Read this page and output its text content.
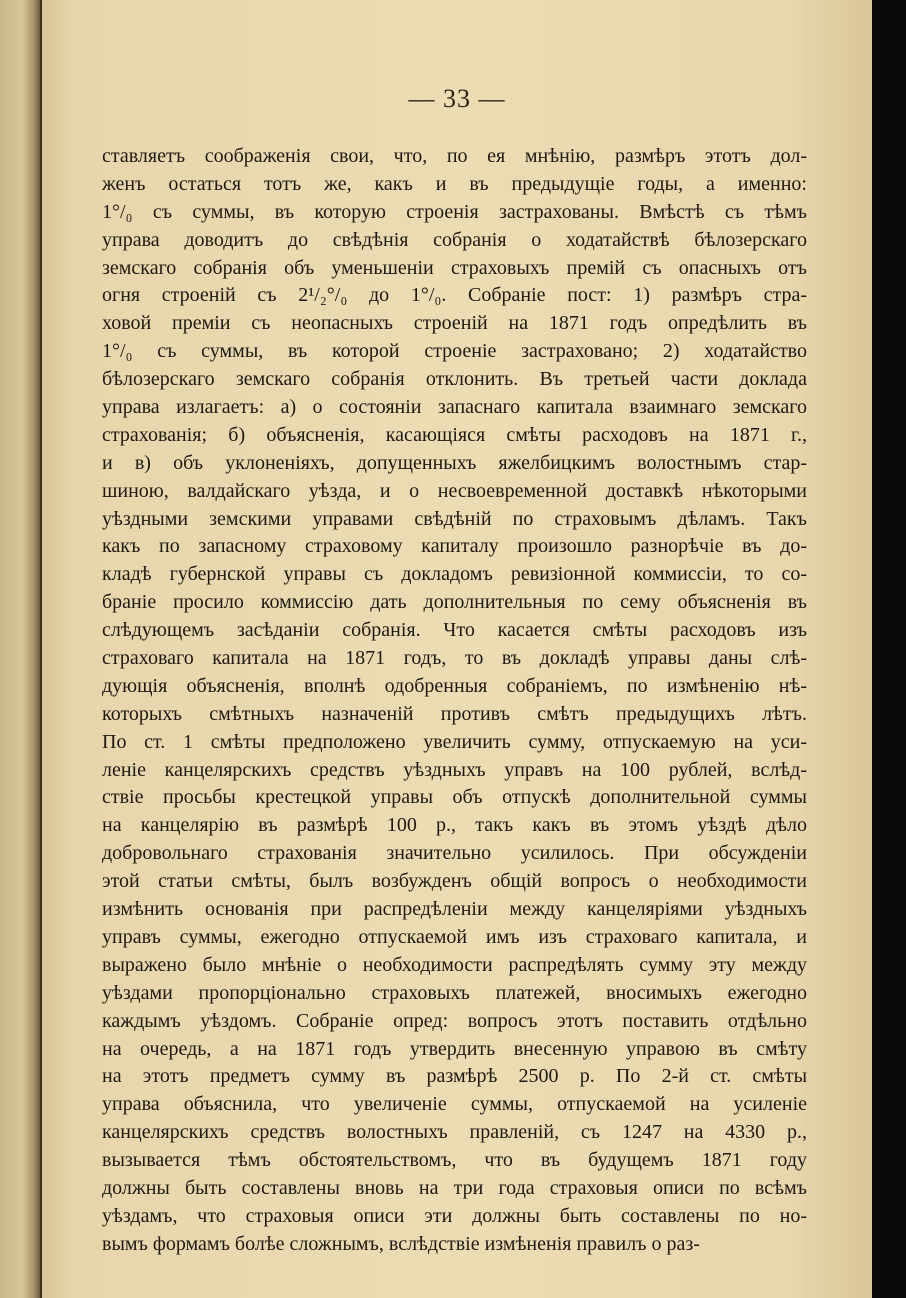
— 33 —
ставляетъ соображенія свои, что, по ея мнѣнію, размѣръ этотъ дол-
женъ остаться тотъ же, какъ и въ предыдущіе годы, а именно:
1°/₀ съ суммы, въ которую строенія застрахованы. Вмѣстѣ съ тѣмъ
управа доводитъ до свѣдѣнія собранія о ходатайствѣ бѣлозерскаго
земскаго собранія объ уменьшеніи страховыхъ премій съ опасныхъ отъ
огня строеній съ 2¹/₂°/₀ до 1°/₀. Собраніе пост: 1) размѣръ стра-
ховой преміи съ неопасныхъ строеній на 1871 годъ опредѣлить въ
1°/₀ съ суммы, въ которой строеніе застраховано; 2) ходатайство
бѣлозерскаго земскаго собранія отклонить. Въ третьей части доклада
управа излагаетъ: а) о состояніи запаснаго капитала взаимнаго земскаго
страхованія; б) объясненія, касающіяся смѣты расходовъ на 1871 г.,
и в) объ уклоненіяхъ, допущенныхъ яжелбицкимъ волостнымъ стар-
шиною, валдайскаго уѣзда, и о несвоевременной доставкѣ нѣкоторыми
уѣздными земскими управами свѣдѣній по страховымъ дѣламъ. Такъ
какъ по запасному страховому капиталу произошло разнорѣчіе въ до-
кладѣ губернской управы съ докладомъ ревизіонной коммиссіи, то со-
браніе просило коммиссію дать дополнительныя по сему объясненія въ
слѣдующемъ засѣданіи собранія. Что касается смѣты расходовъ изъ
страховаго капитала на 1871 годъ, то въ докладѣ управы даны слѣ-
дующія объясненія, вполнѣ одобренныя собраніемъ, по измѣненію нѣ-
которыхъ смѣтныхъ назначеній противъ смѣтъ предыдущихъ лѣтъ.
По ст. 1 смѣты предположено увеличить сумму, отпускаемую на уси-
леніе канцелярскихъ средствъ уѣздныхъ управъ на 100 рублей, вслѣд-
ствіе просьбы крестецкой управы объ отпускѣ дополнительной суммы
на канцелярію въ размѣрѣ 100 р., такъ какъ въ этомъ уѣздѣ дѣло
добровольнаго страхованія значительно усилилось. При обсужденіи
этой статьи смѣты, былъ возбужденъ общій вопросъ о необходимости
измѣнить основанія при распредѣленіи между канцеляріями уѣздныхъ
управъ суммы, ежегодно отпускаемой имъ изъ страховаго капитала, и
выражено было мнѣніе о необходимости распредѣлять сумму эту между
уѣздами пропорціонально страховыхъ платежей, вносимыхъ ежегодно
каждымъ уѣздомъ. Собраніе опред: вопросъ этотъ поставить отдѣльно
на очередь, а на 1871 годъ утвердить внесенную управою въ смѣту
на этотъ предметъ сумму въ размѣрѣ 2500 р. По 2-й ст. смѣты
управа объяснила, что увеличеніе суммы, отпускаемой на усиленіе
канцелярскихъ средствъ волостныхъ правленій, съ 1247 на 4330 р.,
вызывается тѣмъ обстоятельствомъ, что въ будущемъ 1871 году
должны быть составлены вновь на три года страховыя описи по всѣмъ
уѣздамъ, что страховыя описи эти должны быть составлены по но-
вымъ формамъ болѣе сложнымъ, вслѣдствіе измѣненія правилъ о раз-
